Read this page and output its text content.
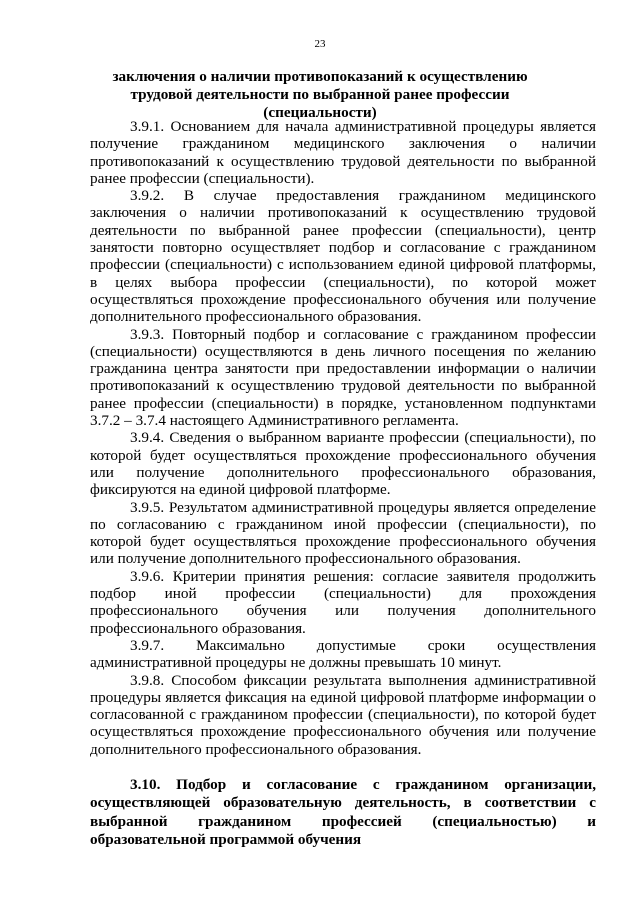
23
заключения о наличии противопоказаний к осуществлению трудовой деятельности по выбранной ранее профессии (специальности)

3.9.1. Основанием для начала административной процедуры является получение гражданином медицинского заключения о наличии противопоказаний к осуществлению трудовой деятельности по выбранной ранее профессии (специальности).

3.9.2. В случае предоставления гражданином медицинского заключения о наличии противопоказаний к осуществлению трудовой деятельности по выбранной ранее профессии (специальности), центр занятости повторно осуществляет подбор и согласование с гражданином профессии (специальности) с использованием единой цифровой платформы, в целях выбора профессии (специальности), по которой может осуществляться прохождение профессионального обучения или получение дополнительного профессионального образования.

3.9.3. Повторный подбор и согласование с гражданином профессии (специальности) осуществляются в день личного посещения по желанию гражданина центра занятости при предоставлении информации о наличии противопоказаний к осуществлению трудовой деятельности по выбранной ранее профессии (специальности) в порядке, установленном подпунктами 3.7.2 – 3.7.4 настоящего Административного регламента.

3.9.4. Сведения о выбранном варианте профессии (специальности), по которой будет осуществляться прохождение профессионального обучения или получение дополнительного профессионального образования, фиксируются на единой цифровой платформе.

3.9.5. Результатом административной процедуры является определение по согласованию с гражданином иной профессии (специальности), по которой будет осуществляться прохождение профессионального обучения или получение дополнительного профессионального образования.

3.9.6. Критерии принятия решения: согласие заявителя продолжить подбор иной профессии (специальности) для прохождения профессионального обучения или получения дополнительного профессионального образования.

3.9.7. Максимально допустимые сроки осуществления административной процедуры не должны превышать 10 минут.

3.9.8. Способом фиксации результата выполнения административной процедуры является фиксация на единой цифровой платформе информации о согласованной с гражданином профессии (специальности), по которой будет осуществляться прохождение профессионального обучения или получение дополнительного профессионального образования.

3.10. Подбор и согласование с гражданином организации, осуществляющей образовательную деятельность, в соответствии с выбранной гражданином профессией (специальностью) и образовательной программой обучения
